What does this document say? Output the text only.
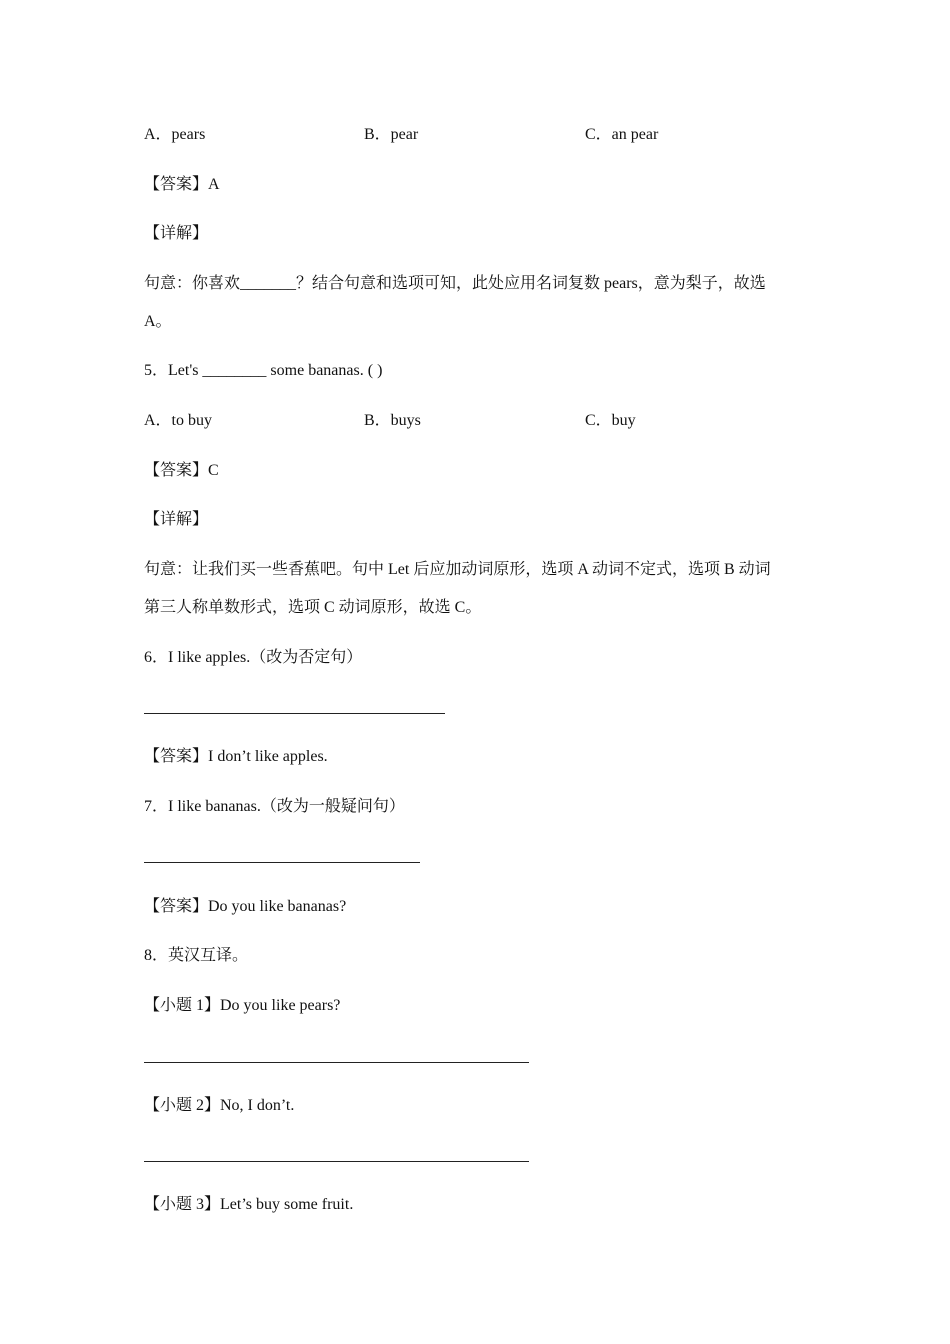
A．pears	B．pear	C．an pear
【答案】A
【详解】
句意：你喜欢_______？结合句意和选项可知，此处应用名词复数 pears，意为梨子，故选
A。
5．Let's ________ some bananas. ( )
A．to buy	B．buys	C．buy
【答案】C
【详解】
句意：让我们买一些香蕉吧。句中 Let 后应加动词原形，选项 A 动词不定式，选项 B 动词
第三人称单数形式，选项 C 动词原形，故选 C。
6．I like apples.（改为否定句）
【答案】I don’t like apples.
7．I like bananas.（改为一般疑问句）
【答案】Do you like bananas?
8．英汉互译。
【小题 1】Do you like pears?
【小题 2】No, I don’t.
【小题 3】Let’s buy some fruit.
